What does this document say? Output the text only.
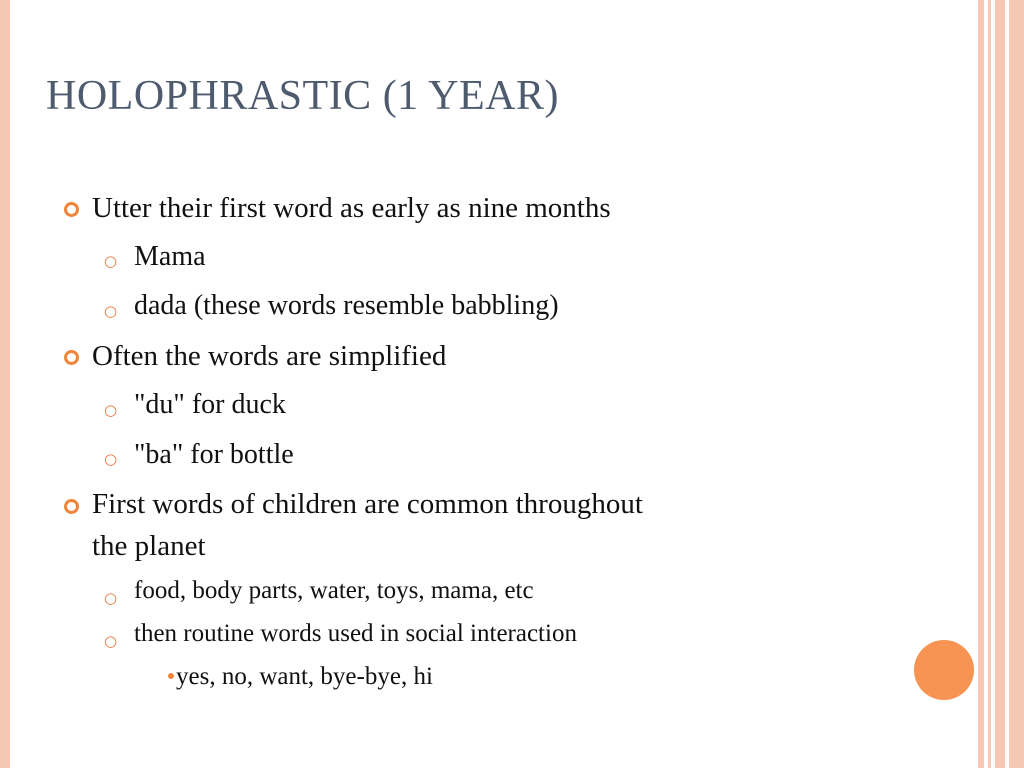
HOLOPHRASTIC (1 YEAR)
Utter their first word as early as nine months
○ Mama
○ dada (these words resemble babbling)
Often the words are simplified
○ "du" for duck
○ "ba" for bottle
First words of children are common throughout
the planet
○ food, body parts, water, toys, mama, etc
○ then routine words used in social interaction
yes, no, want, bye-bye, hi
